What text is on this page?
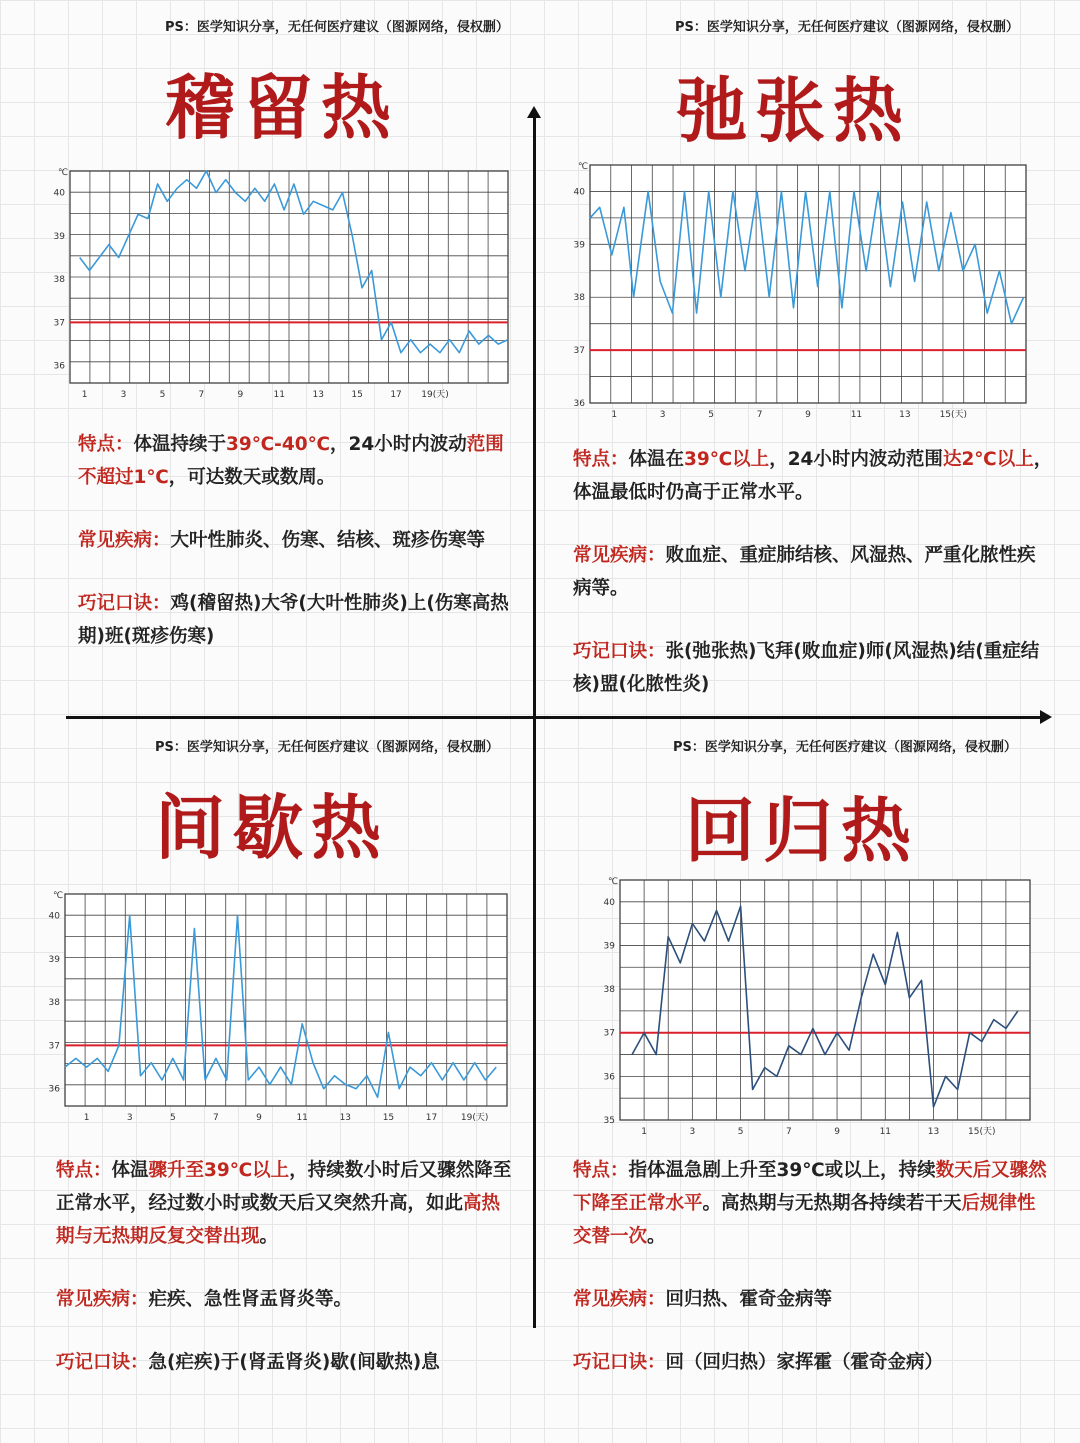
PS：医学知识分享，无任何医疗建议（图源网络，侵权删）
稽留热
36
37
38
39
40
℃
1	3	5	7	9	11	13	15	17 19(天)
特点：体温持续于39℃-40℃，24小时内波动范围不超过1℃，可达数天或数周。
常见疾病：大叶性肺炎、伤寒、结核、斑疹伤寒等
巧记口诀：鸡(稽留热)大爷(大叶性肺炎)上(伤寒高热期)班(斑疹伤寒)
PS：医学知识分享，无任何医疗建议（图源网络，侵权删）
弛张热
36
37
38
39
40
℃
1	3	5	7	9	11	13	15(天)
特点：体温在39℃以上，24小时内波动范围达2℃以上，体温最低时仍高于正常水平。
常见疾病：败血症、重症肺结核、风湿热、严重化脓性疾病等。
巧记口诀：张(弛张热)飞拜(败血症)师(风湿热)结(重症结核)盟(化脓性炎)
PS：医学知识分享，无任何医疗建议（图源网络，侵权删）
间歇热
36
37
38
39
40
℃
1	3	5	7	9	11	13	15	17	19(天)
特点：体温骤升至39℃以上，持续数小时后又骤然降至正常水平，经过数小时或数天后又突然升高，如此高热期与无热期反复交替出现。
常见疾病：疟疾、急性肾盂肾炎等。
巧记口诀：急(疟疾)于(肾盂肾炎)歇(间歇热)息
PS：医学知识分享，无任何医疗建议（图源网络，侵权删）
回归热
35
36
37
38
39
40
℃
1	3	5	7	9	11	13	15(天)
特点：指体温急剧上升至39℃或以上，持续数天后又骤然下降至正常水平。高热期与无热期各持续若干天后规律性交替一次。
常见疾病：回归热、霍奇金病等
巧记口诀：回（回归热）家挥霍（霍奇金病）
